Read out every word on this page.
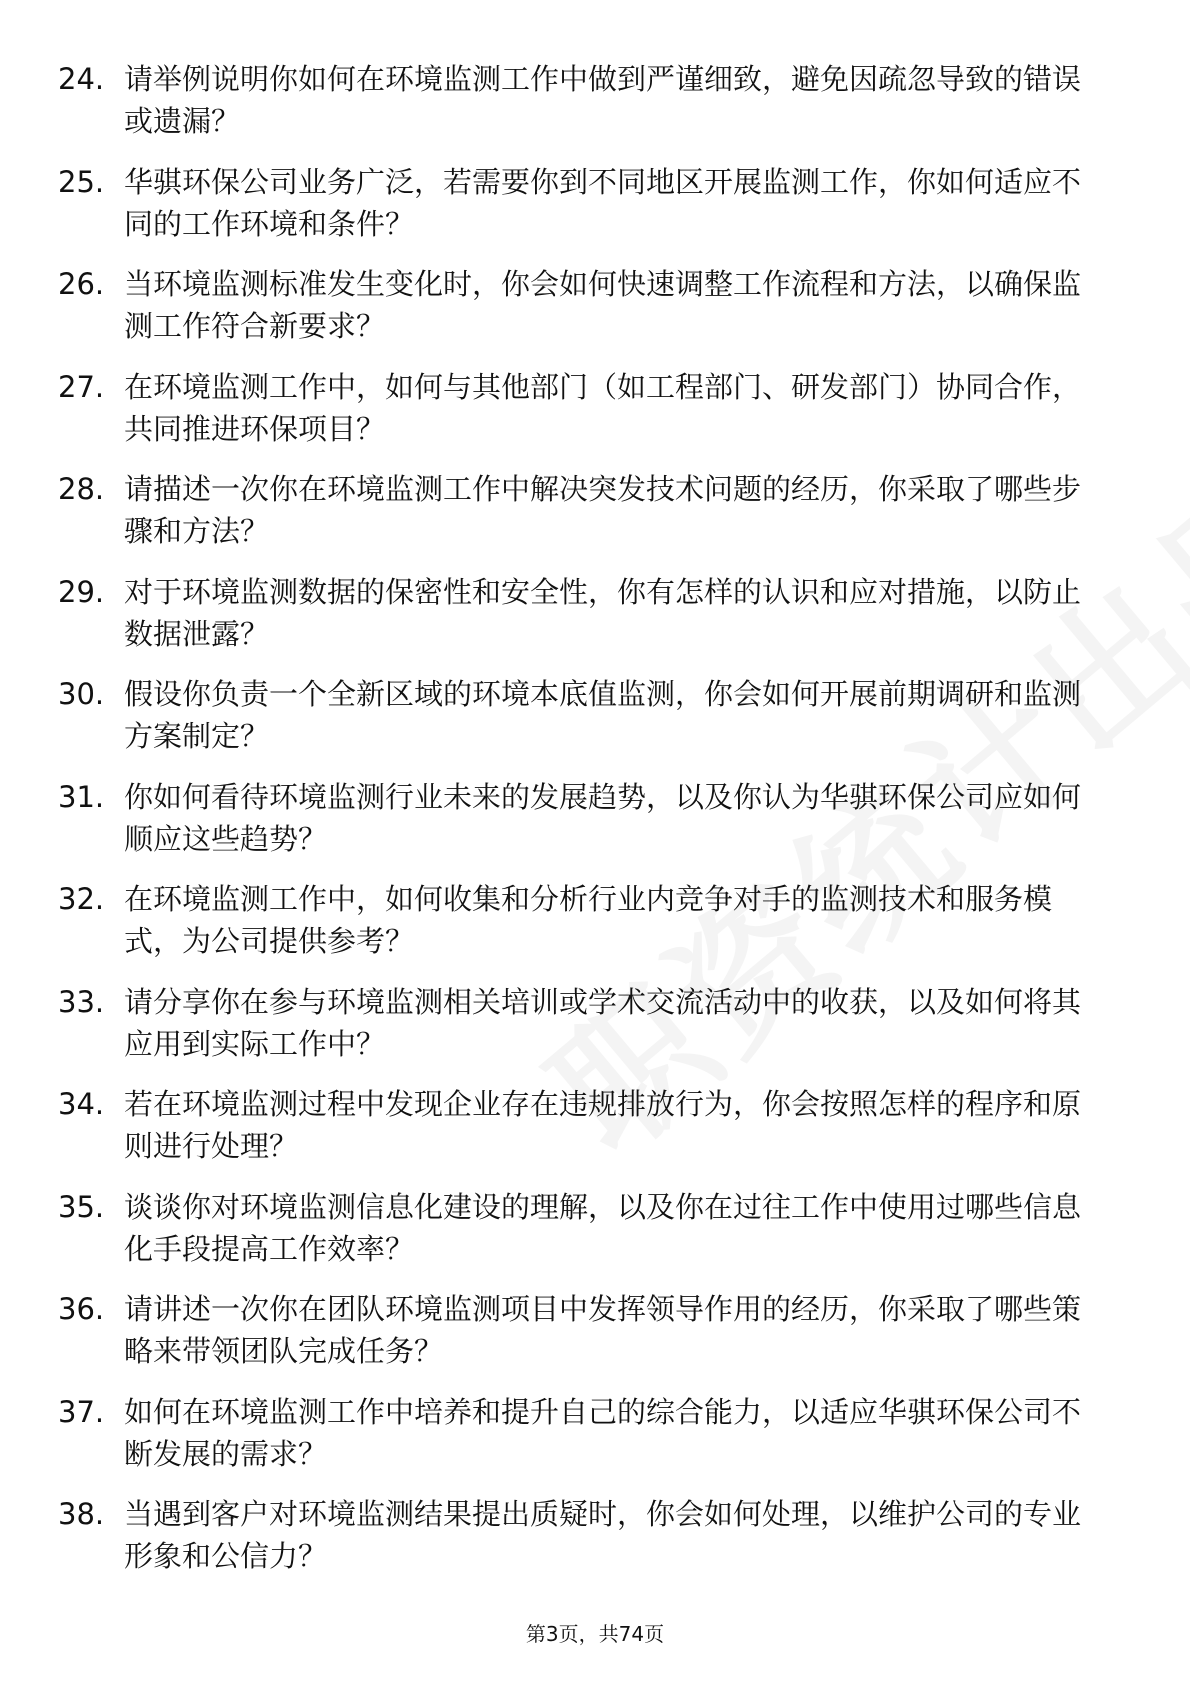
24. 请举例说明你如何在环境监测工作中做到严谨细致，避免因疏忽导致的错误或遗漏？
25. 华骐环保公司业务广泛，若需要你到不同地区开展监测工作，你如何适应不同的工作环境和条件？
26. 当环境监测标准发生变化时，你会如何快速调整工作流程和方法，以确保监测工作符合新要求？
27. 在环境监测工作中，如何与其他部门（如工程部门、研发部门）协同合作，共同推进环保项目？
28. 请描述一次你在环境监测工作中解决突发技术问题的经历，你采取了哪些步骤和方法？
29. 对于环境监测数据的保密性和安全性，你有怎样的认识和应对措施，以防止数据泄露？
30. 假设你负责一个全新区域的环境本底值监测，你会如何开展前期调研和监测方案制定？
31. 你如何看待环境监测行业未来的发展趋势，以及你认为华骐环保公司应如何顺应这些趋势？
32. 在环境监测工作中，如何收集和分析行业内竞争对手的监测技术和服务模式，为公司提供参考？
33. 请分享你在参与环境监测相关培训或学术交流活动中的收获，以及如何将其应用到实际工作中？
34. 若在环境监测过程中发现企业存在违规排放行为，你会按照怎样的程序和原则进行处理？
35. 谈谈你对环境监测信息化建设的理解，以及你在过往工作中使用过哪些信息化手段提高工作效率？
36. 请讲述一次你在团队环境监测项目中发挥领导作用的经历，你采取了哪些策略来带领团队完成任务？
37. 如何在环境监测工作中培养和提升自己的综合能力，以适应华骐环保公司不断发展的需求？
38. 当遇到客户对环境监测结果提出质疑时，你会如何处理，以维护公司的专业形象和公信力？
第3页，共74页
